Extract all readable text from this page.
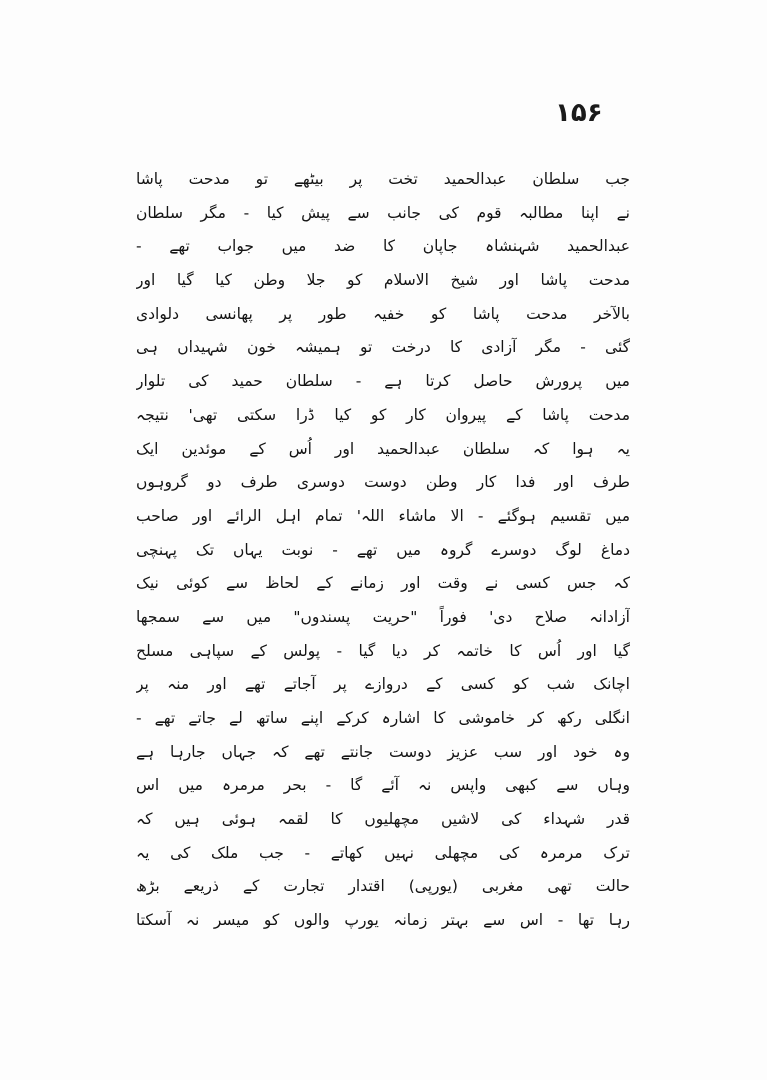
۱۵۶
جب سلطان عبدالحمید تخت پر بیٹھے تو مدحت پاشا
نے اپنا مطالبہ قوم کی جانب سے پیش کیا - مگر سلطان
عبدالحمید شہنشاہ جاپان کا ضد میں جواب تھے -
مدحت پاشا اور شیخ الاسلام کو جلا وطن کیا گیا اور
بالآخر مدحت پاشا کو خفیہ طور پر پھانسی دلوادی
گئی - مگر آزادی کا درخت تو ہمیشہ خون شہیداں ہی
میں پرورش حاصل کرتا ہے - سلطان حمید کی تلوار
مدحت پاشا کے پیروان کار کو کیا ڈرا سکتی تھی' نتیجہ
یہ ہوا کہ سلطان عبدالحمید اور اُس کے موئدین ایک
طرف اور فدا کار وطن دوست دوسری طرف دو گروہوں
میں تقسیم ہوگئے - الا ماشاء اللہ' تمام اہل الرائے اور صاحب
دماغ لوگ دوسرے گروہ میں تھے - نوبت یہاں تک پہنچی
کہ جس کسی نے وقت اور زمانے کے لحاظ سے کوئی نیک
آزادانہ صلاح دی' فوراً "حریت پسندوں" میں سے سمجھا
گیا اور اُس کا خاتمہ کر دیا گیا - پولس کے سپاہی مسلح
اچانک شب کو کسی کے دروازے پر آجاتے تھے اور منہ پر
انگلی رکھ کر خاموشی کا اشارہ کرکے اپنے ساتھ لے جاتے تھے -
وہ خود اور سب عزیز دوست جانتے تھے کہ جہاں جارہا ہے
وہاں سے کبھی واپس نہ آئے گا - بحر مرمرہ میں اس
قدر شہداء کی لاشیں مچھلیوں کا لقمہ ہوئی ہیں کہ
ترک مرمرہ کی مچھلی نہیں کھاتے - جب ملک کی یہ
حالت تھی مغربی (یورپی) اقتدار تجارت کے ذریعے بڑھ
رہا تھا - اس سے بہتر زمانہ یورپ والوں کو میسر نہ آسکتا
